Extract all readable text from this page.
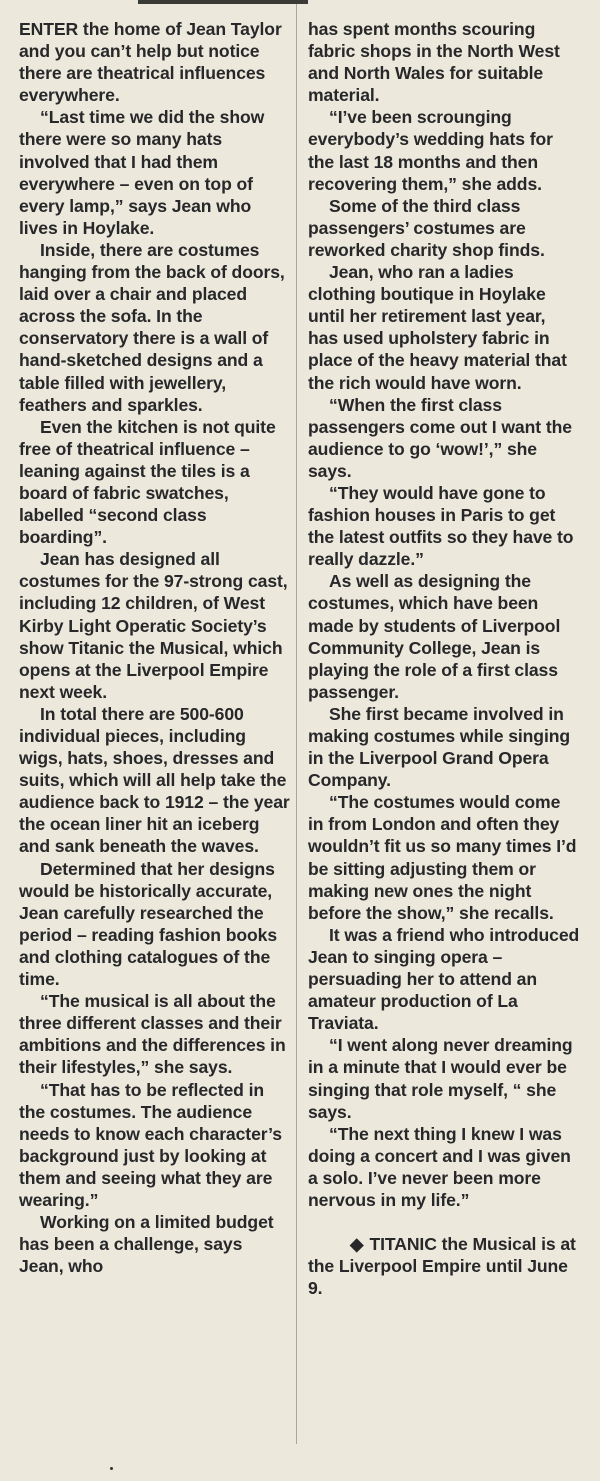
ENTER the home of Jean Taylor and you can’t help but notice there are theatrical influences everywhere.

“Last time we did the show there were so many hats involved that I had them everywhere – even on top of every lamp,” says Jean who lives in Hoylake.

Inside, there are costumes hanging from the back of doors, laid over a chair and placed across the sofa. In the conservatory there is a wall of hand-sketched designs and a table filled with jewellery, feathers and sparkles.

Even the kitchen is not quite free of theatrical influence – leaning against the tiles is a board of fabric swatches, labelled “second class boarding”.

Jean has designed all costumes for the 97-strong cast, including 12 children, of West Kirby Light Operatic Society’s show Titanic the Musical, which opens at the Liverpool Empire next week.

In total there are 500-600 individual pieces, including wigs, hats, shoes, dresses and suits, which will all help take the audience back to 1912 – the year the ocean liner hit an iceberg and sank beneath the waves.

Determined that her designs would be historically accurate, Jean carefully researched the period – reading fashion books and clothing catalogues of the time.

“The musical is all about the three different classes and their ambitions and the differences in their lifestyles,” she says.

“That has to be reflected in the costumes. The audience needs to know each character’s background just by looking at them and seeing what they are wearing.”

Working on a limited budget has been a challenge, says Jean, who

has spent months scouring fabric shops in the North West and North Wales for suitable material.

“I’ve been scrounging everybody’s wedding hats for the last 18 months and then recovering them,” she adds.

Some of the third class passengers’ costumes are reworked charity shop finds.

Jean, who ran a ladies clothing boutique in Hoylake until her retirement last year, has used upholstery fabric in place of the heavy material that the rich would have worn.

“When the first class passengers come out I want the audience to go ‘wow!’,” she says.

“They would have gone to fashion houses in Paris to get the latest outfits so they have to really dazzle.”

As well as designing the costumes, which have been made by students of Liverpool Community College, Jean is playing the role of a first class passenger.

She first became involved in making costumes while singing in the Liverpool Grand Opera Company.

“The costumes would come in from London and often they wouldn’t fit us so many times I’d be sitting adjusting them or making new ones the night before the show,” she recalls.

It was a friend who introduced Jean to singing opera – persuading her to attend an amateur production of La Traviata.

“I went along never dreaming in a minute that I would ever be singing that role myself, “ she says.

“The next thing I knew I was doing a concert and I was given a solo. I’ve never been more nervous in my life.”

◆ TITANIC the Musical is at the Liverpool Empire until June 9.
